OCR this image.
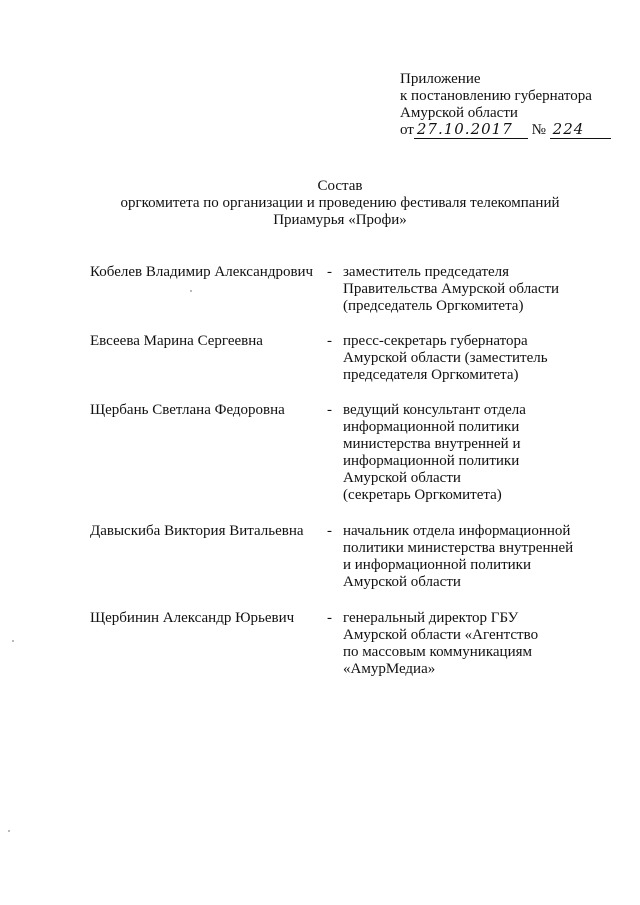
Приложение
к постановлению губернатора
Амурской области
от 27.10.2017 № 224
Состав
оргкомитета по организации и проведению фестиваля телекомпаний
Приамурья «Профи»
Кобелев Владимир Александрович - заместитель председателя
Правительства Амурской области
(председатель Оргкомитета)
Евсеева Марина Сергеевна	- пресс-секретарь губернатора
Амурской области (заместитель
председателя Оргкомитета)
Щербань Светлана Федоровна	- ведущий консультант отдела
информационной политики
министерства внутренней и
информационной политики
Амурской области
(секретарь Оргкомитета)
Давыскиба Виктория Витальевна - начальник отдела информационной
политики министерства внутренней
и информационной политики
Амурской области
Щербинин Александр Юрьевич - генеральный директор ГБУ
Амурской области «Агентство
по массовым коммуникациям
«АмурМедиа»
